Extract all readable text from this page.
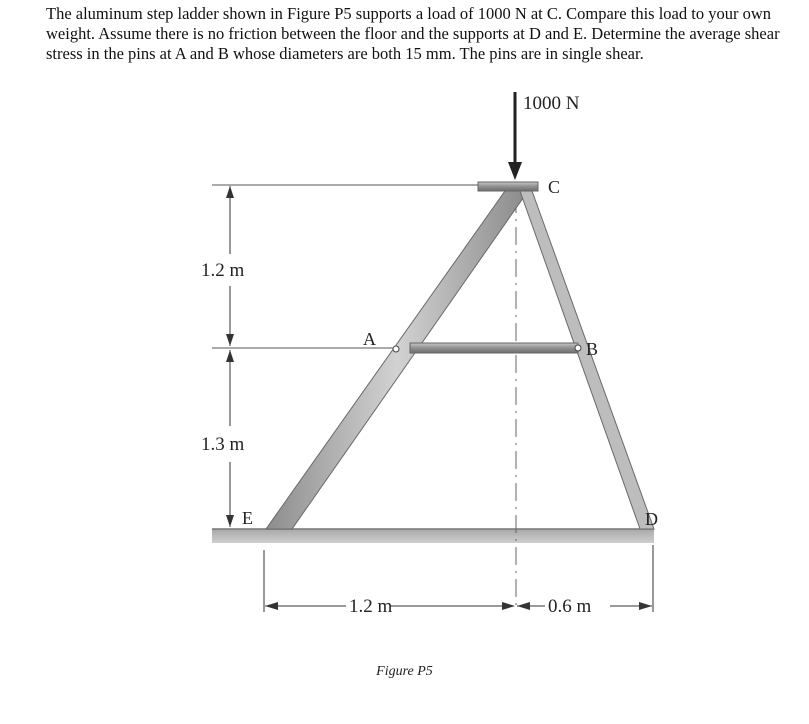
The aluminum step ladder shown in Figure P5 supports a load of 1000 N at C. Compare this load to your own weight. Assume there is no friction between the floor and the supports at D and E. Determine the average shear stress in the pins at A and B whose diameters are both 15 mm. The pins are in single shear.
1000 N
C
A	B
D
E
1.2 m
1.3 m
1.2 m	0.6 m
Figure P5
